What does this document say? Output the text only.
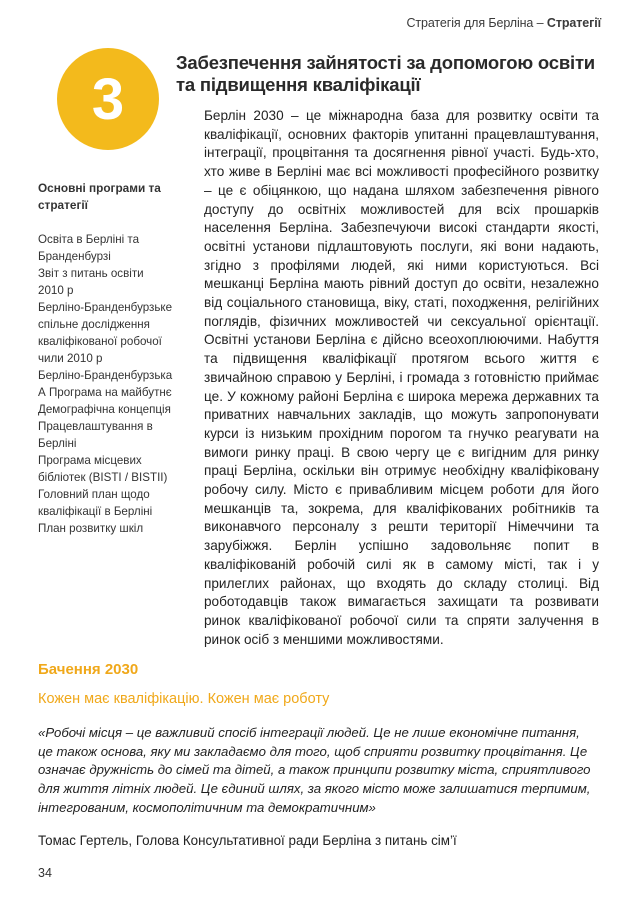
Стратегія для Берліна – Стратегії
3
Забезпечення зайнятості за допомогою освіти та підвищення кваліфікації

Основні програми та стратегії

Освіта в Берліні та
Бранденбурзі
Звіт з питань освіти
2010 р
Берліно-Бранденбурзьке
спільне дослідження
кваліфікованої робочої
чили 2010 р
Берліно-Бранденбурзька
А Програма на майбутнє
Демографічна концепція
Працевлаштування в
Берліні
Програма місцевих
бібліотек (BISTI / BISTII)
Головний план щодо
кваліфікації в Берліні
План розвитку шкіл

Берлін 2030 – це міжнародна база для розвитку освіти та кваліфікації, основних факторів упитанні працевлаштування, інтеграції, процвітання та досягнення рівної участі. Будь-хто, хто живе в Берліні має всі можливості професійного розвитку – це є обіцянкою, що надана шляхом забезпечення рівного доступу до освітніх можливостей для всіх прошарків населення Берліна. Забезпечуючи високі стандарти якості, освітні установи підлаштовують послуги, які вони надають, згідно з профілями людей, які ними користуються. Всі мешканці Берліна мають рівний доступ до освіти, незалежно від соціального становища, віку, статі, походження, релігійних поглядів, фізичних можливостей чи сексуальної орієнтації. Освітні установи Берліна є дійсно всеохоплюючими. Набуття та підвищення кваліфікації протягом всього життя є звичайною справою у Берліні, і громада з готовністю приймає це. У кожному районі Берліна є широка мережа державних та приватних навчальних закладів, що можуть запропонувати курси із низьким прохідним порогом та гнучко реагувати на вимоги ринку праці. В свою чергу це є вигідним для ринку праці Берліна, оскільки він отримує необхідну кваліфіковану робочу силу. Місто є привабливим місцем роботи для його мешканців та, зокрема, для кваліфікованих робітників та виконавчого персоналу з решти території Німеччини та зарубіжжя. Берлін успішно задовольняє попит в кваліфікованій робочій силі як в самому місті, так і у прилеглих районах, що входять до складу столиці. Від роботодавців також вимагається захищати та розвивати ринок кваліфікованої робочої сили та спряти залучення в ринок осіб з меншими можливостями.

Бачення 2030

Кожен має кваліфікацію. Кожен має роботу

«Робочі місця – це важливий спосіб інтеграції людей. Це не лише економічне питання, це також основа, яку ми закладаємо для того, щоб сприяти розвитку процвітання. Це означає дружність до сімей та дітей, а також принципи розвитку міста, сприятливого для життя літніх людей. Це єдиний шлях, за якого місто може залишатися терпимим, інтегрованим, космополітичним та демократичним»

Томас Гертель, Голова Консультативної ради Берліна з питань сім’ї

34
